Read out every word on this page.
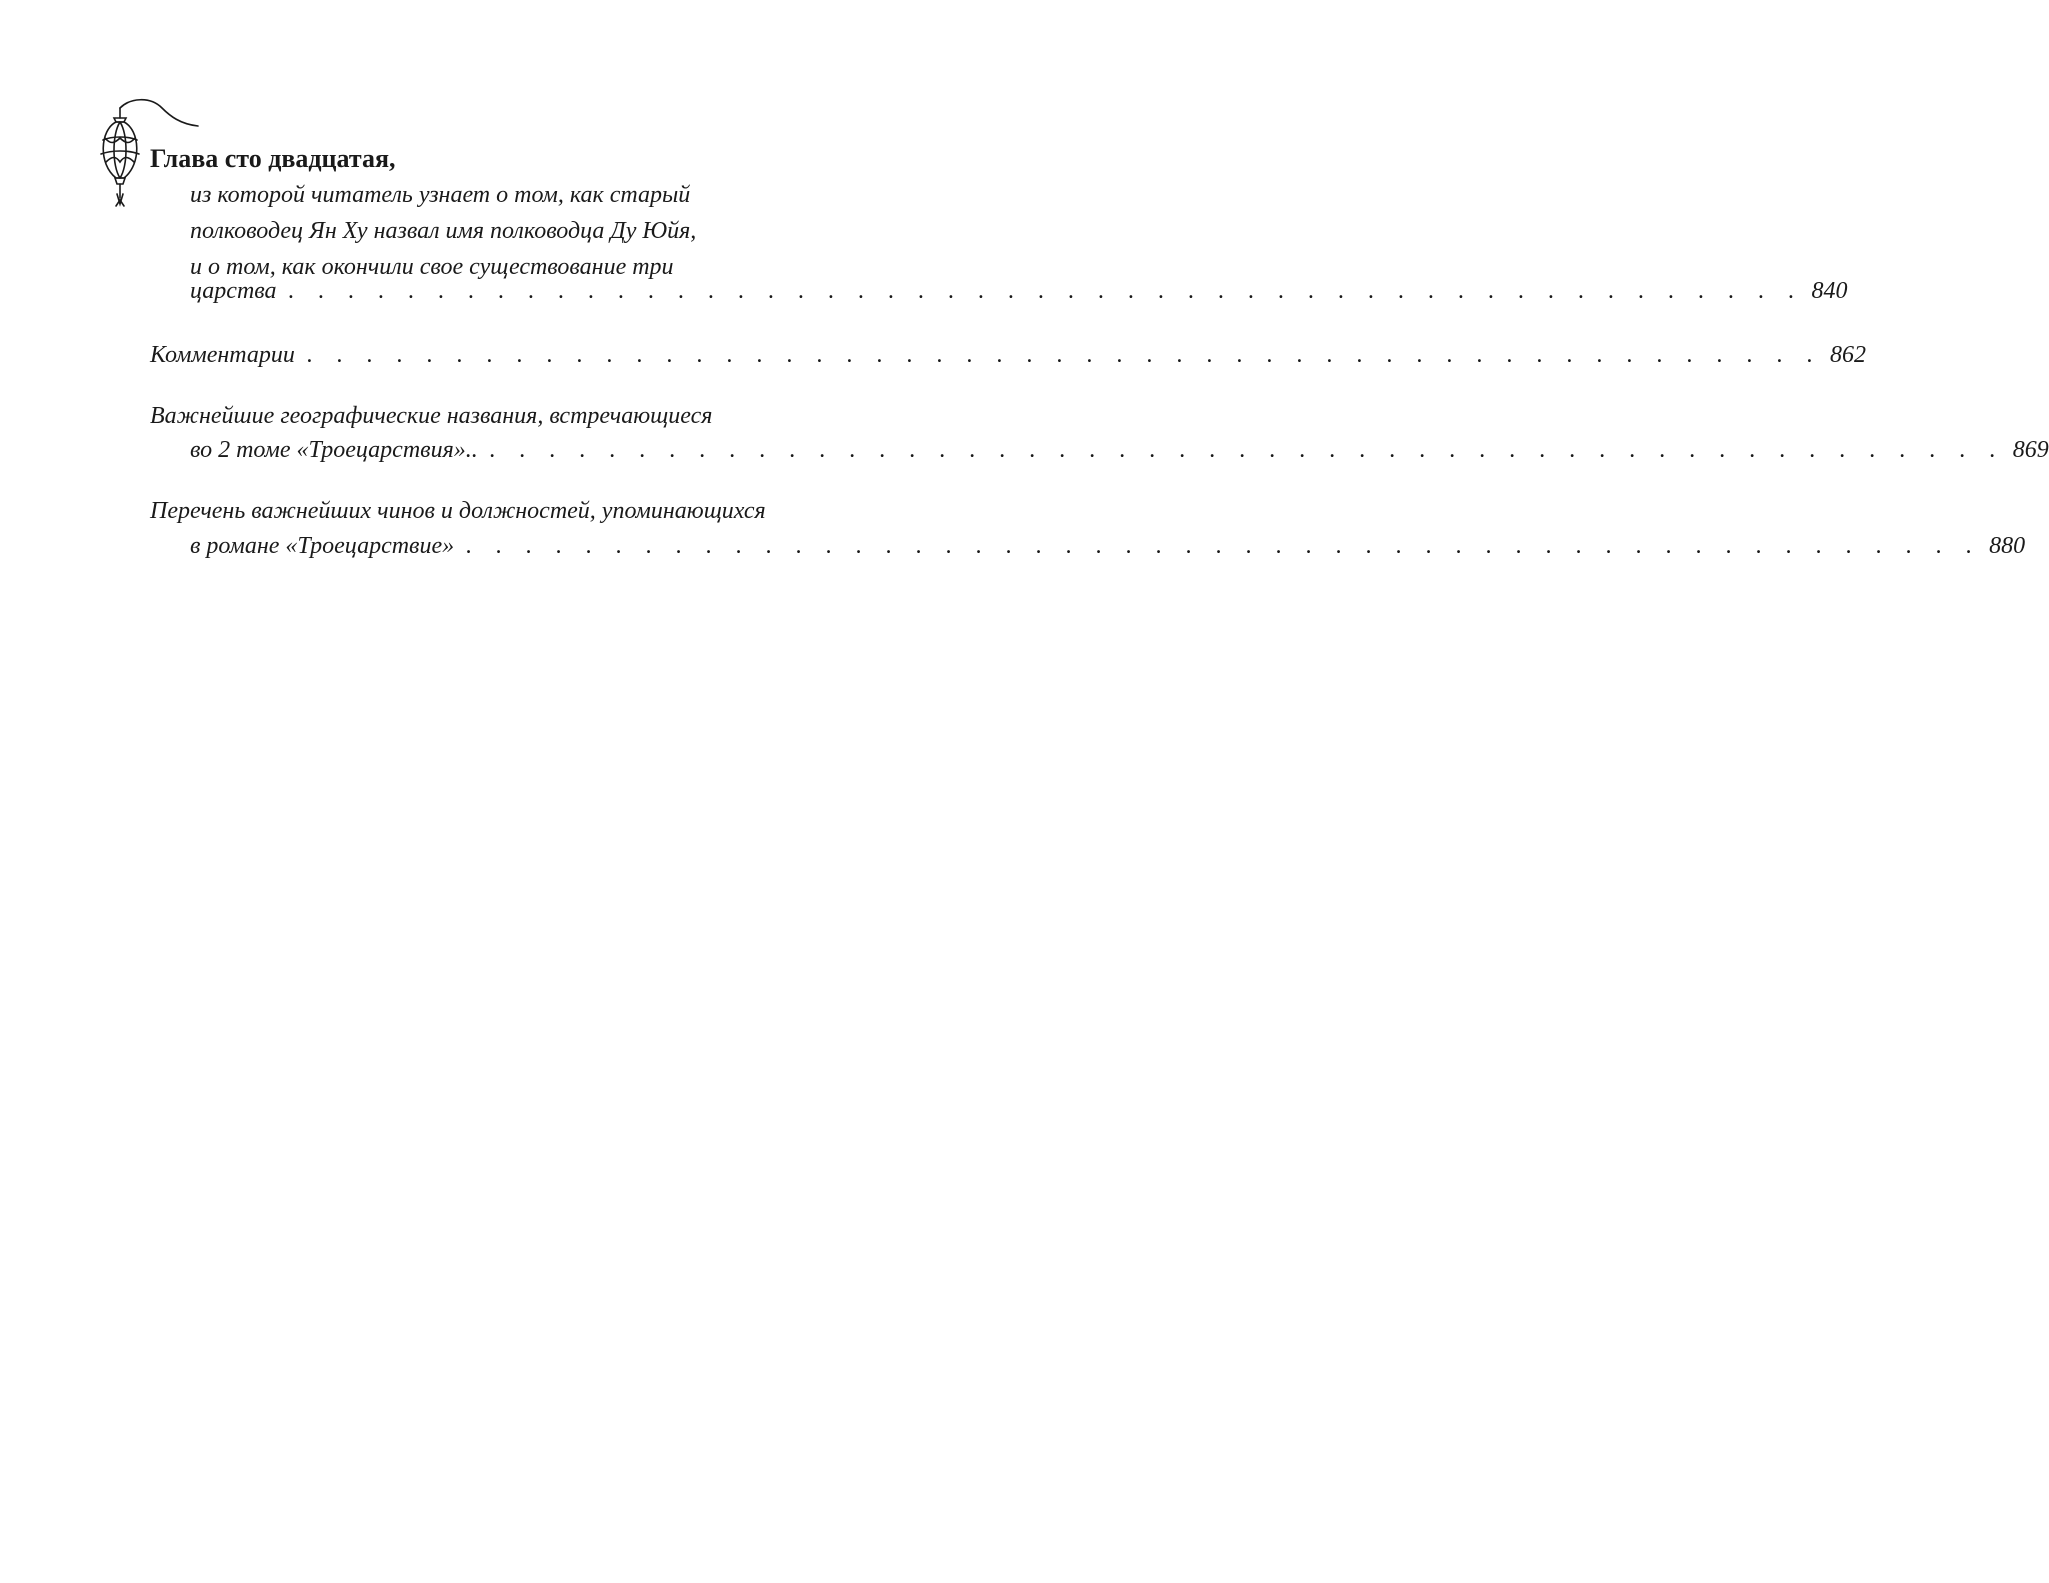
Глава сто двадцатая,
из которой читатель узнает о том, как старый
полководец Ян Ху назвал имя полководца Ду Юйя,
и о том, как окончили свое существование три
царства . . . . . . . . . . . . . . . . . . . . . . . . . . . . . . . . . . . . . . . . . . . . . . . . . . . 840
Комментарии . . . . . . . . . . . . . . . . . . . . . . . . . . . . . . . . . . . . . . . . . . . . . . . . . . . 862
Важнейшие географические названия, встречающиеся
во 2 томе «Троецарствия».. . . . . . . . . . . . . . . . . . . . . . . . . . . . . . . . . . . . . . . . . . . . . . . . . . . . 869
Перечень важнейших чинов и должностей, упоминающихся
в романе «Троецарствие» . . . . . . . . . . . . . . . . . . . . . . . . . . . . . . . . . . . . . . . . . . . . . . . . . . . 880
